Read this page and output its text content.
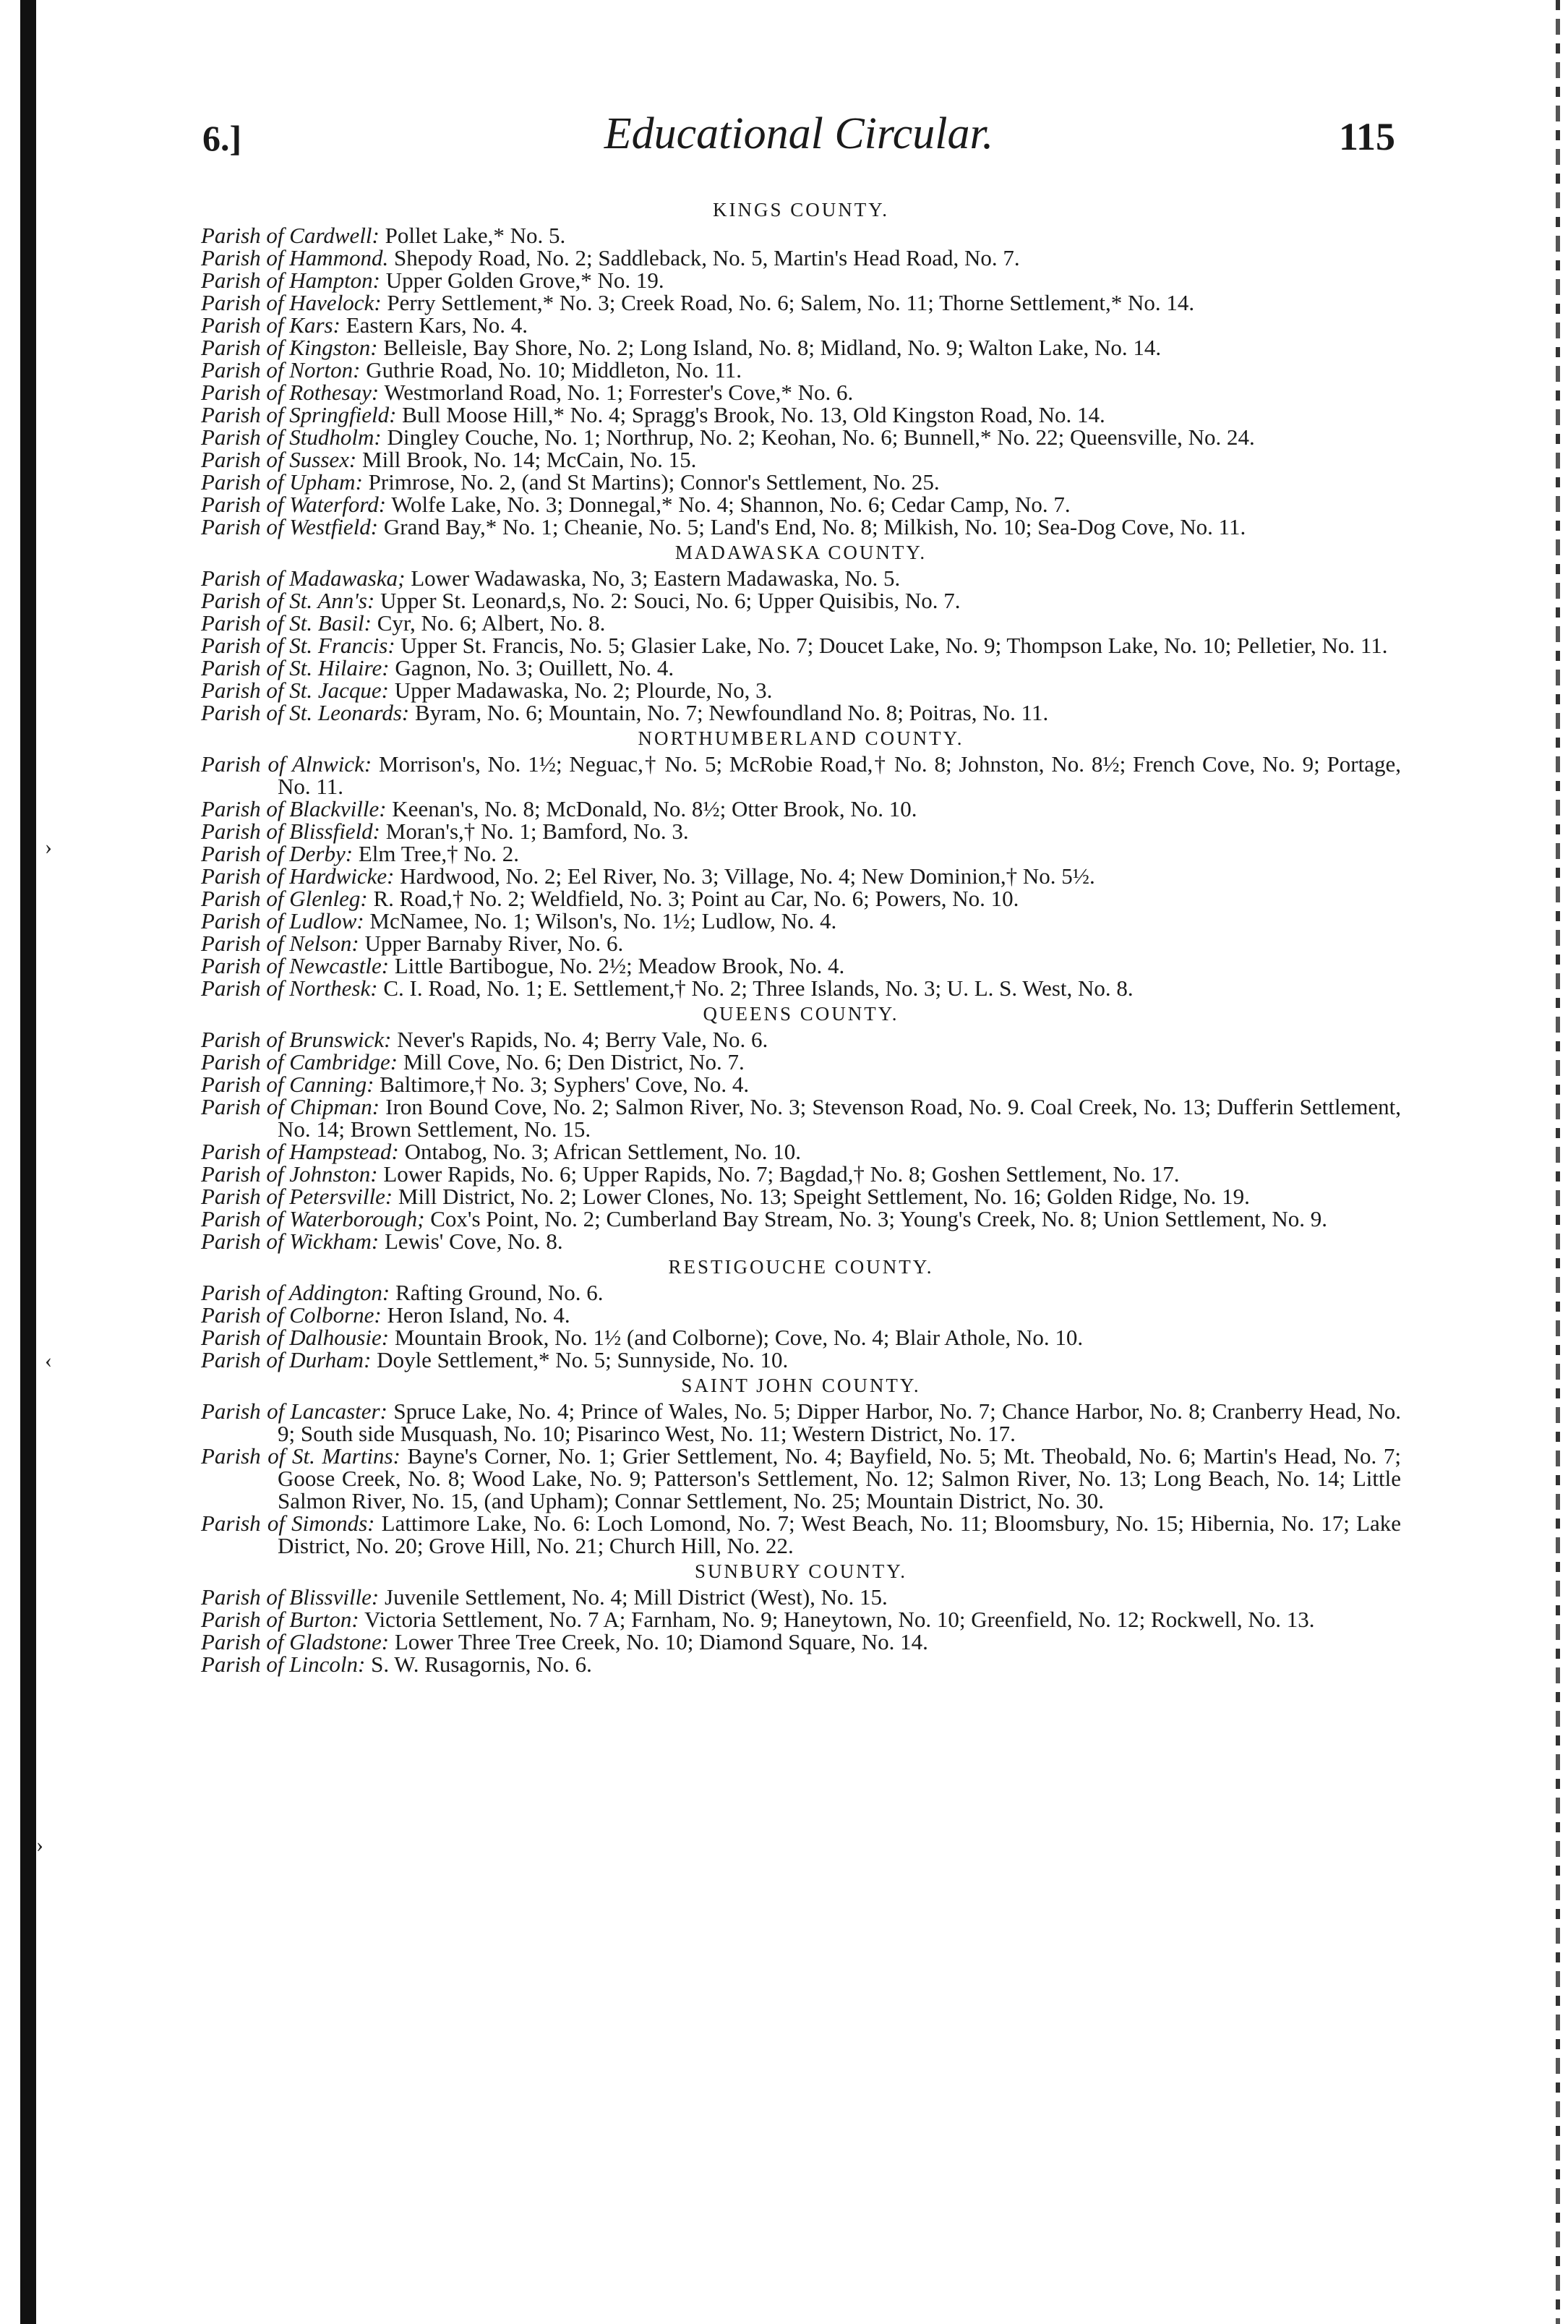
›
‹
›
6.]	Educational Circular.	115
KINGS COUNTY.
Parish of Cardwell: Pollet Lake,* No. 5.
Parish of Hammond. Shepody Road, No. 2; Saddleback, No. 5, Martin's Head Road, No. 7.
Parish of Hampton: Upper Golden Grove,* No. 19.
Parish of Havelock: Perry Settlement,* No. 3; Creek Road, No. 6; Salem, No. 11; Thorne Settlement,* No. 14.
Parish of Kars: Eastern Kars, No. 4.
Parish of Kingston: Belleisle, Bay Shore, No. 2; Long Island, No. 8; Midland, No. 9; Walton Lake, No. 14.
Parish of Norton: Guthrie Road, No. 10; Middleton, No. 11.
Parish of Rothesay: Westmorland Road, No. 1; Forrester's Cove,* No. 6.
Parish of Springfield: Bull Moose Hill,* No. 4; Spragg's Brook, No. 13, Old Kingston Road, No. 14.
Parish of Studholm: Dingley Couche, No. 1; Northrup, No. 2; Keohan, No. 6; Bunnell,* No. 22; Queensville, No. 24.
Parish of Sussex: Mill Brook, No. 14; McCain, No. 15.
Parish of Upham: Primrose, No. 2, (and St Martins); Connor's Settlement, No. 25.
Parish of Waterford: Wolfe Lake, No. 3; Donnegal,* No. 4; Shannon, No. 6; Cedar Camp, No. 7.
Parish of Westfield: Grand Bay,* No. 1; Cheanie, No. 5; Land's End, No. 8; Milkish, No. 10; Sea-Dog Cove, No. 11.
MADAWASKA COUNTY.
Parish of Madawaska; Lower Wadawaska, No, 3; Eastern Madawaska, No. 5.
Parish of St. Ann's: Upper St. Leonard,s, No. 2: Souci, No. 6; Upper Quisibis, No. 7.
Parish of St. Basil: Cyr, No. 6; Albert, No. 8.
Parish of St. Francis: Upper St. Francis, No. 5; Glasier Lake, No. 7; Doucet Lake, No. 9; Thompson Lake, No. 10; Pelletier, No. 11.
Parish of St. Hilaire: Gagnon, No. 3; Ouillett, No. 4.
Parish of St. Jacque: Upper Madawaska, No. 2; Plourde, No, 3.
Parish of St. Leonards: Byram, No. 6; Mountain, No. 7; Newfoundland No. 8; Poitras, No. 11.
NORTHUMBERLAND COUNTY.
Parish of Alnwick: Morrison's, No. 1½; Neguac,† No. 5; McRobie Road,† No. 8; Johnston, No. 8½; French Cove, No. 9; Portage, No. 11.
Parish of Blackville: Keenan's, No. 8; McDonald, No. 8½; Otter Brook, No. 10.
Parish of Blissfield: Moran's,† No. 1; Bamford, No. 3.
Parish of Derby: Elm Tree,† No. 2.
Parish of Hardwicke: Hardwood, No. 2; Eel River, No. 3; Village, No. 4; New Dominion,† No. 5½.
Parish of Glenleg: R. Road,† No. 2; Weldfield, No. 3; Point au Car, No. 6; Powers, No. 10.
Parish of Ludlow: McNamee, No. 1; Wilson's, No. 1½; Ludlow, No. 4.
Parish of Nelson: Upper Barnaby River, No. 6.
Parish of Newcastle: Little Bartibogue, No. 2½; Meadow Brook, No. 4.
Parish of Northesk: C. I. Road, No. 1; E. Settlement,† No. 2; Three Islands, No. 3; U. L. S. West, No. 8.
QUEENS COUNTY.
Parish of Brunswick: Never's Rapids, No. 4; Berry Vale, No. 6.
Parish of Cambridge: Mill Cove, No. 6; Den District, No. 7.
Parish of Canning: Baltimore,† No. 3; Syphers' Cove, No. 4.
Parish of Chipman: Iron Bound Cove, No. 2; Salmon River, No. 3; Stevenson Road, No. 9. Coal Creek, No. 13; Dufferin Settlement, No. 14; Brown Settlement, No. 15.
Parish of Hampstead: Ontabog, No. 3; African Settlement, No. 10.
Parish of Johnston: Lower Rapids, No. 6; Upper Rapids, No. 7; Bagdad,† No. 8; Goshen Settlement, No. 17.
Parish of Petersville: Mill District, No. 2; Lower Clones, No. 13; Speight Settlement, No. 16; Golden Ridge, No. 19.
Parish of Waterborough; Cox's Point, No. 2; Cumberland Bay Stream, No. 3; Young's Creek, No. 8; Union Settlement, No. 9.
Parish of Wickham: Lewis' Cove, No. 8.
RESTIGOUCHE COUNTY.
Parish of Addington: Rafting Ground, No. 6.
Parish of Colborne: Heron Island, No. 4.
Parish of Dalhousie: Mountain Brook, No. 1½ (and Colborne); Cove, No. 4; Blair Athole, No. 10.
Parish of Durham: Doyle Settlement,* No. 5; Sunnyside, No. 10.
SAINT JOHN COUNTY.
Parish of Lancaster: Spruce Lake, No. 4; Prince of Wales, No. 5; Dipper Harbor, No. 7; Chance Harbor, No. 8; Cranberry Head, No. 9; South side Musquash, No. 10; Pisarinco West, No. 11; Western District, No. 17.
Parish of St. Martins: Bayne's Corner, No. 1; Grier Settlement, No. 4; Bayfield, No. 5; Mt. Theobald, No. 6; Martin's Head, No. 7; Goose Creek, No. 8; Wood Lake, No. 9; Patterson's Settlement, No. 12; Salmon River, No. 13; Long Beach, No. 14; Little Salmon River, No. 15, (and Upham); Connar Settlement, No. 25; Mountain District, No. 30.
Parish of Simonds: Lattimore Lake, No. 6: Loch Lomond, No. 7; West Beach, No. 11; Bloomsbury, No. 15; Hibernia, No. 17; Lake District, No. 20; Grove Hill, No. 21; Church Hill, No. 22.
SUNBURY COUNTY.
Parish of Blissville: Juvenile Settlement, No. 4; Mill District (West), No. 15.
Parish of Burton: Victoria Settlement, No. 7 A; Farnham, No. 9; Haneytown, No. 10; Greenfield, No. 12; Rockwell, No. 13.
Parish of Gladstone: Lower Three Tree Creek, No. 10; Diamond Square, No. 14.
Parish of Lincoln: S. W. Rusagornis, No. 6.
